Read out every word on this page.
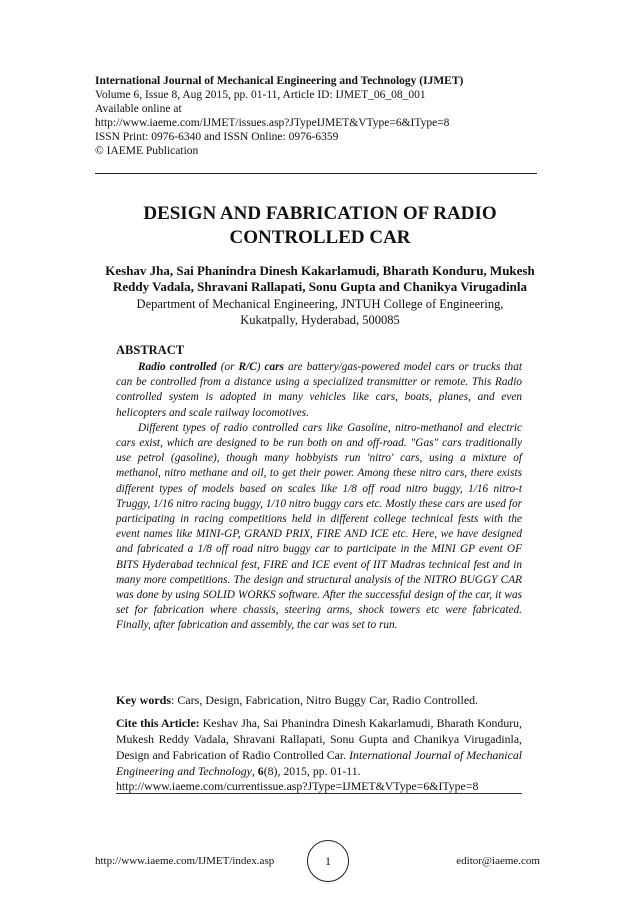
International Journal of Mechanical Engineering and Technology (IJMET)
Volume 6, Issue 8, Aug 2015, pp. 01-11, Article ID: IJMET_06_08_001
Available online at
http://www.iaeme.com/IJMET/issues.asp?JTypeIJMET&VType=6&IType=8
ISSN Print: 0976-6340 and ISSN Online: 0976-6359
© IAEME Publication
DESIGN AND FABRICATION OF RADIO
CONTROLLED CAR
Keshav Jha, Sai Phanindra Dinesh Kakarlamudi, Bharath Konduru, Mukesh
Reddy Vadala, Shravani Rallapati, Sonu Gupta and Chanikya Virugadinla
Department of Mechanical Engineering, JNTUH College of Engineering,
Kukatpally, Hyderabad, 500085
ABSTRACT

Radio controlled (or R/C) cars are battery/gas-powered model cars or trucks that can be controlled from a distance using a specialized transmitter or remote. This Radio controlled system is adopted in many vehicles like cars, boats, planes, and even helicopters and scale railway locomotives.

Different types of radio controlled cars like Gasoline, nitro-methanol and electric cars exist, which are designed to be run both on and off-road. "Gas" cars traditionally use petrol (gasoline), though many hobbyists run 'nitro' cars, using a mixture of methanol, nitro methane and oil, to get their power. Among these nitro cars, there exists different types of models based on scales like 1/8 off road nitro buggy, 1/16 nitro-t Truggy, 1/16 nitro racing buggy, 1/10 nitro buggy cars etc. Mostly these cars are used for participating in racing competitions held in different college technical fests with the event names like MINI-GP, GRAND PRIX, FIRE AND ICE etc. Here, we have designed and fabricated a 1/8 off road nitro buggy car to participate in the MINI GP event OF BITS Hyderabad technical fest, FIRE and ICE event of IIT Madras technical fest and in many more competitions. The design and structural analysis of the NITRO BUGGY CAR was done by using SOLID WORKS software. After the successful design of the car, it was set for fabrication where chassis, steering arms, shock towers etc were fabricated. Finally, after fabrication and assembly, the car was set to run.

Key words: Cars, Design, Fabrication, Nitro Buggy Car, Radio Controlled.
Cite this Article: Keshav Jha, Sai Phanindra Dinesh Kakarlamudi, Bharath Konduru, Mukesh Reddy Vadala, Shravani Rallapati, Sonu Gupta and Chanikya Virugadinla, Design and Fabrication of Radio Controlled Car. International Journal of Mechanical Engineering and Technology, 6(8), 2015, pp. 01-11.
http://www.iaeme.com/currentissue.asp?JType=IJMET&VType=6&IType=8
http://www.iaeme.com/IJMET/index.asp	1	editor@iaeme.com
